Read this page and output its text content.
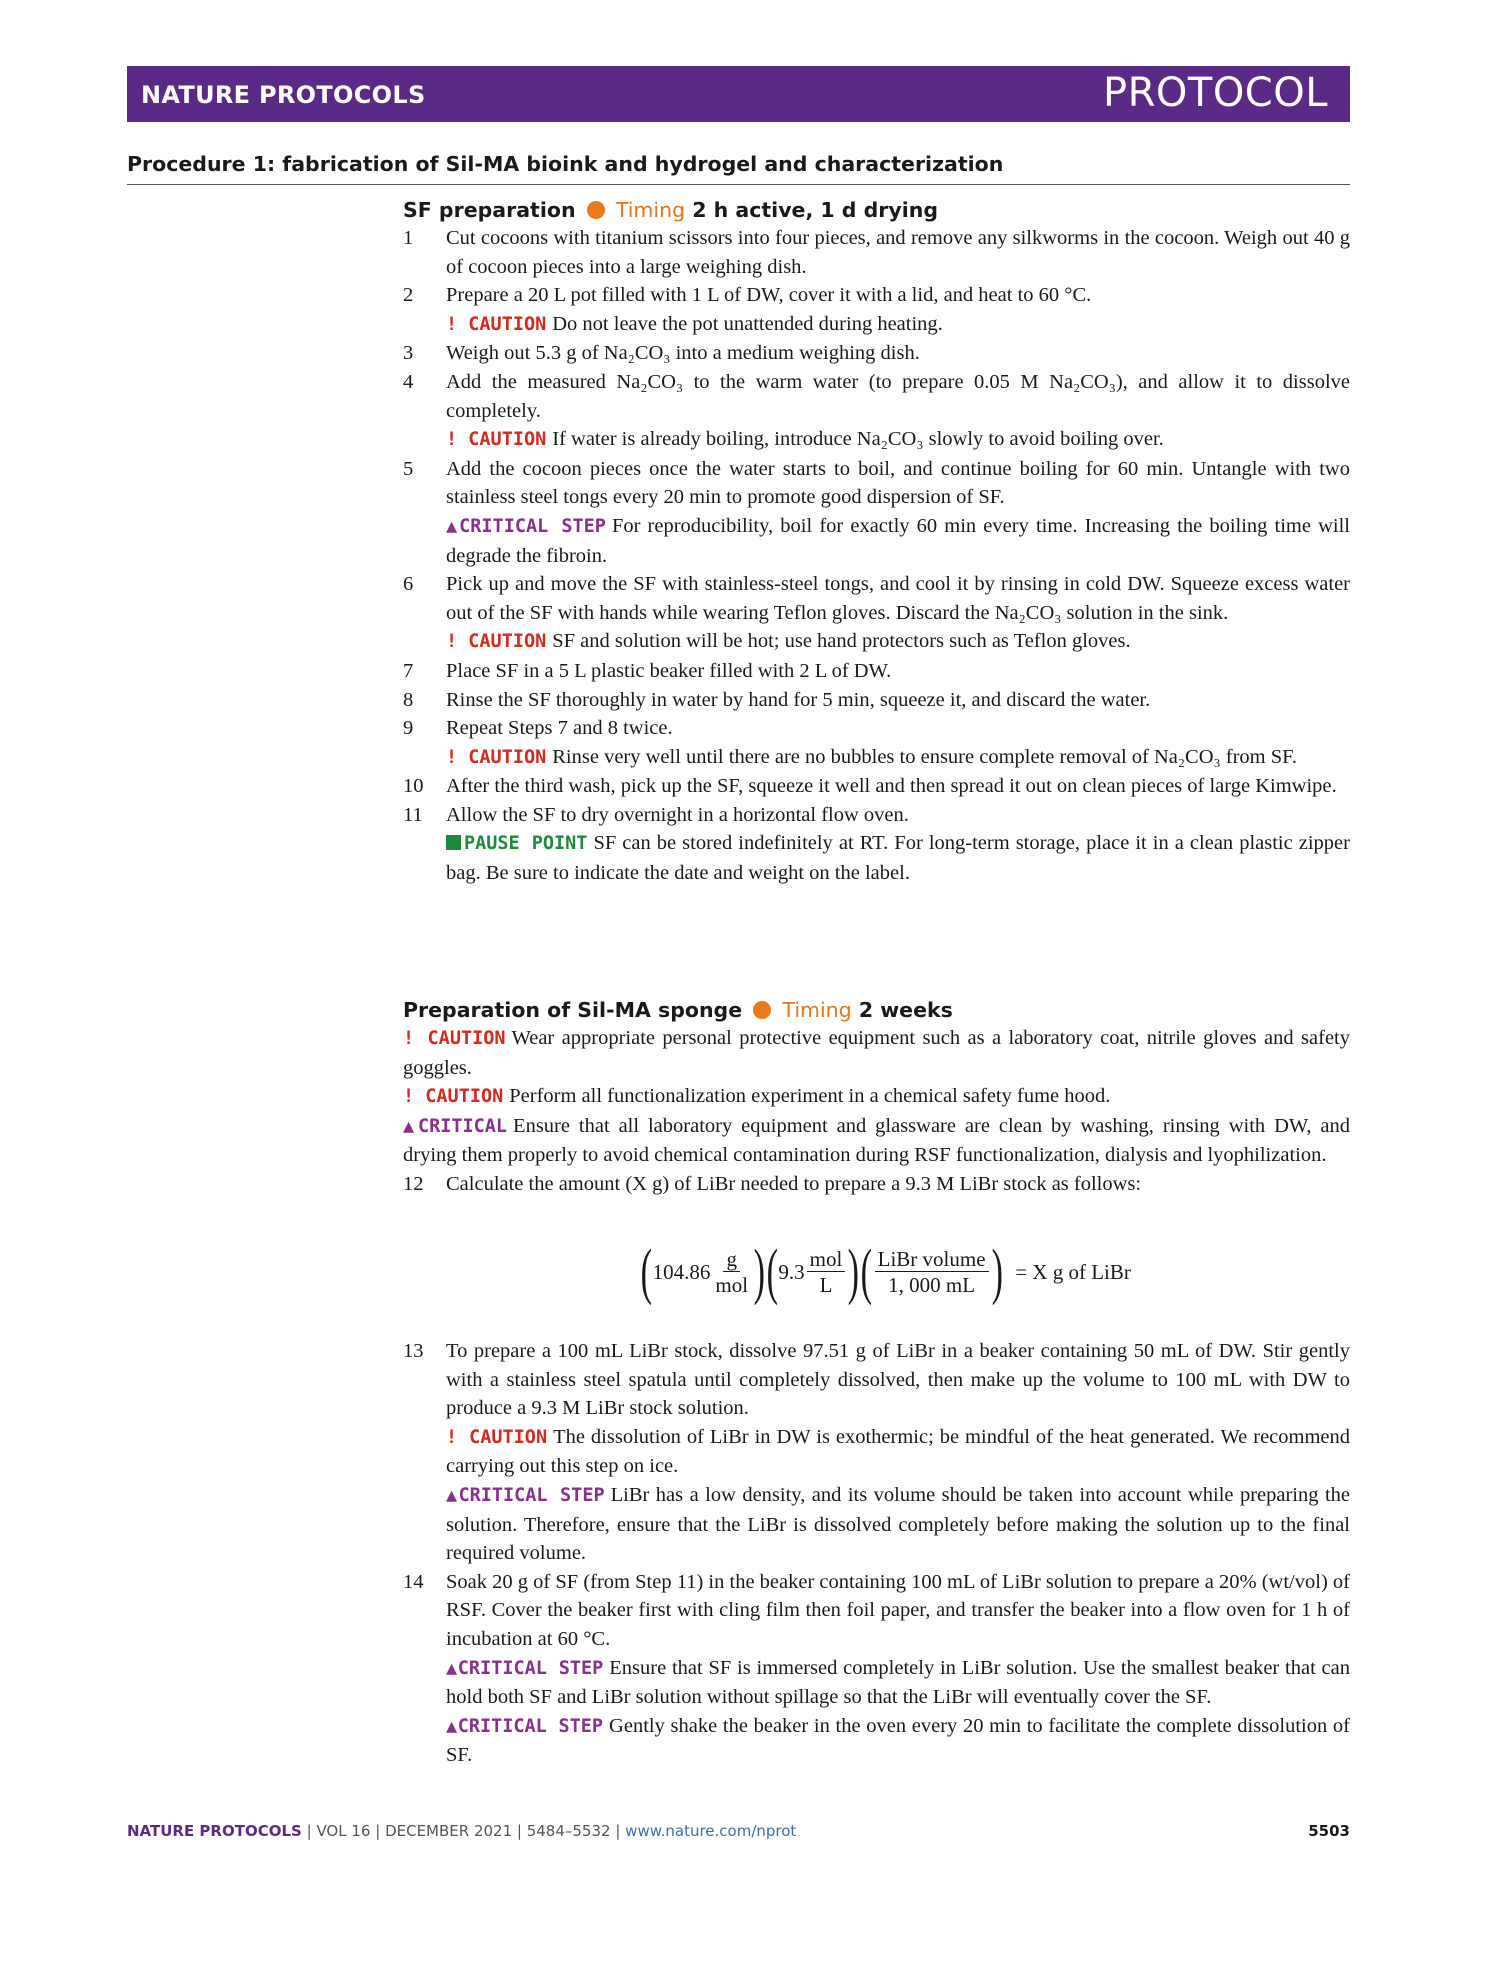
NATURE PROTOCOLS	PROTOCOL
Procedure 1: fabrication of Sil-MA bioink and hydrogel and characterization
SF preparation Timing 2 h active, 1 d drying
1 Cut cocoons with titanium scissors into four pieces, and remove any silkworms in the cocoon. Weigh out 40 g of cocoon pieces into a large weighing dish.
2 Prepare a 20 L pot filled with 1 L of DW, cover it with a lid, and heat to 60 °C.
! CAUTION Do not leave the pot unattended during heating.
3 Weigh out 5.3 g of Na₂CO₃ into a medium weighing dish.
4 Add the measured Na₂CO₃ to the warm water (to prepare 0.05 M Na₂CO₃), and allow it to dissolve completely.
! CAUTION If water is already boiling, introduce Na₂CO₃ slowly to avoid boiling over.
5 Add the cocoon pieces once the water starts to boil, and continue boiling for 60 min. Untangle with two stainless steel tongs every 20 min to promote good dispersion of SF.
▲CRITICAL STEP For reproducibility, boil for exactly 60 min every time. Increasing the boiling time will degrade the fibroin.
6 Pick up and move the SF with stainless-steel tongs, and cool it by rinsing in cold DW. Squeeze excess water out of the SF with hands while wearing Teflon gloves. Discard the Na₂CO₃ solution in the sink.
! CAUTION SF and solution will be hot; use hand protectors such as Teflon gloves.
7 Place SF in a 5 L plastic beaker filled with 2 L of DW.
8 Rinse the SF thoroughly in water by hand for 5 min, squeeze it, and discard the water.
9 Repeat Steps 7 and 8 twice.
! CAUTION Rinse very well until there are no bubbles to ensure complete removal of Na₂CO₃ from SF.
10 After the third wash, pick up the SF, squeeze it well and then spread it out on clean pieces of large Kimwipe.
11 Allow the SF to dry overnight in a horizontal flow oven.
PAUSE POINT SF can be stored indefinitely at RT. For long-term storage, place it in a clean plastic zipper bag. Be sure to indicate the date and weight on the label.
Preparation of Sil-MA sponge Timing 2 weeks
! CAUTION Wear appropriate personal protective equipment such as a laboratory coat, nitrile gloves and safety goggles.
! CAUTION Perform all functionalization experiment in a chemical safety fume hood.
▲CRITICAL Ensure that all laboratory equipment and glassware are clean by washing, rinsing with DW, and drying them properly to avoid chemical contamination during RSF functionalization, dialysis and lyophilization.
12 Calculate the amount (X g) of LiBr needed to prepare a 9.3 M LiBr stock as follows:
( $104.86 \frac{g}{\text{mol}}$ ) ( $9.3 \frac{\text{mol}}{L}$ ) ( $\frac{\text{LiBr volume}}{1, 000 mL}$ ) = X g of LiBr
13 To prepare a 100 mL LiBr stock, dissolve 97.51 g of LiBr in a beaker containing 50 mL of DW. Stir gently with a stainless steel spatula until completely dissolved, then make up the volume to 100 mL with DW to produce a 9.3 M LiBr stock solution.
! CAUTION The dissolution of LiBr in DW is exothermic; be mindful of the heat generated. We recommend carrying out this step on ice.
▲CRITICAL STEP LiBr has a low density, and its volume should be taken into account while preparing the solution. Therefore, ensure that the LiBr is dissolved completely before making the solution up to the final required volume.
14 Soak 20 g of SF (from Step 11) in the beaker containing 100 mL of LiBr solution to prepare a 20% (wt/vol) of RSF. Cover the beaker first with cling film then foil paper, and transfer the beaker into a flow oven for 1 h of incubation at 60 °C.
▲CRITICAL STEP Ensure that SF is immersed completely in LiBr solution. Use the smallest beaker that can hold both SF and LiBr solution without spillage so that the LiBr will eventually cover the SF.
▲CRITICAL STEP Gently shake the beaker in the oven every 20 min to facilitate the complete dissolution of SF.
NATURE PROTOCOLS | VOL 16 | DECEMBER 2021 | 5484–5532 | www.nature.com/nprot	5503
